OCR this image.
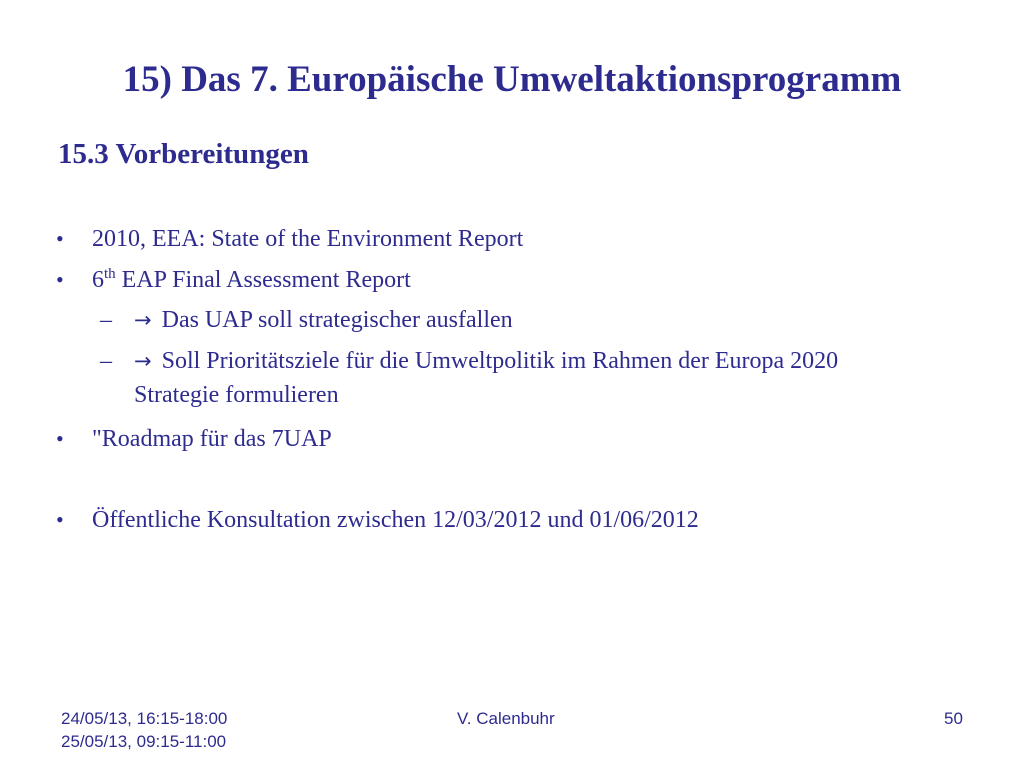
15) Das 7. Europäische Umweltaktionsprogramm
15.3 Vorbereitungen
•	2010, EEA: State of the Environment Report
•	6th EAP Final Assessment Report
– → Das UAP soll strategischer ausfallen
– → Soll Prioritätsziele für die Umweltpolitik im Rahmen der Europa 2020 Strategie formulieren
•	"Roadmap für das 7UAP
•	Öffentliche Konsultation zwischen 12/03/2012 und 01/06/2012
24/05/13, 16:15-18:00
25/05/13, 09:15-11:00
V. Calenbuhr	50
